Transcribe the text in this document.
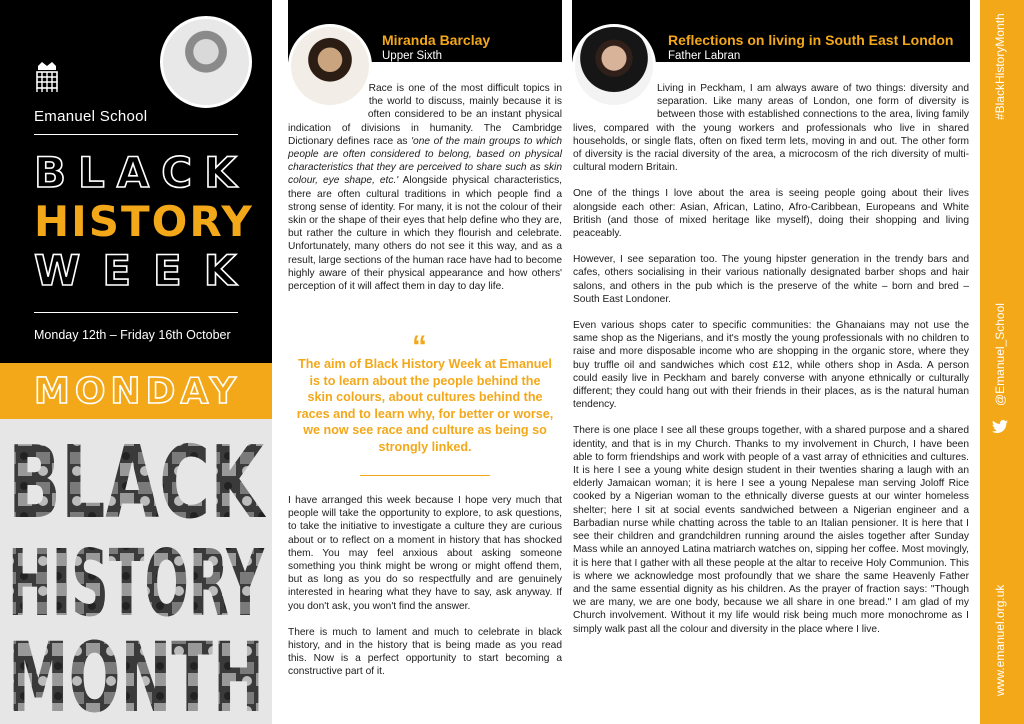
Emanuel School
BLACK
HISTORY
WEEK
Monday 12th – Friday 16th October
MONDAY
BLACK
HISTORY
MONTH
Miranda Barclay
Upper Sixth

Race is one of the most difficult topics in the world to discuss, mainly because it is often considered to be an instant physical indication of divisions in humanity. The Cambridge Dictionary defines race as 'one of the main groups to which people are often considered to belong, based on physical characteristics that they are perceived to share such as skin colour, eye shape, etc.' Alongside physical characteristics, there are often cultural traditions in which people find a strong sense of identity. For many, it is not the colour of their skin or the shape of their eyes that help define who they are, but rather the culture in which they flourish and celebrate. Unfortunately, many others do not see it this way, and as a result, large sections of the human race have had to become highly aware of their physical appearance and how others' perception of it will affect them in day to day life.

“
The aim of Black History Week at Emanuel is to learn about the people behind the skin colours, about cultures behind the races and to learn why, for better or worse, we now see race and culture as being so strongly linked.

I have arranged this week because I hope very much that people will take the opportunity to explore, to ask questions, to take the initiative to investigate a culture they are curious about or to reflect on a moment in history that has shocked them. You may feel anxious about asking someone something you think might be wrong or might offend them, but as long as you do so respectfully and are genuinely interested in hearing what they have to say, ask anyway. If you don't ask, you won't find the answer.

There is much to lament and much to celebrate in black history, and in the history that is being made as you read this. Now is a perfect opportunity to start becoming a constructive part of it.

Reflections on living in South East London
Father Labran

Living in Peckham, I am always aware of two things: diversity and separation. Like many areas of London, one form of diversity is between those with established connections to the area, living family lives, compared with the young workers and professionals who live in shared households, or single flats, often on fixed term lets, moving in and out. The other form of diversity is the racial diversity of the area, a microcosm of the rich diversity of multi-cultural modern Britain.

One of the things I love about the area is seeing people going about their lives alongside each other: Asian, African, Latino, Afro-Caribbean, Europeans and White British (and those of mixed heritage like myself), doing their shopping and living peaceably.

However, I see separation too. The young hipster generation in the trendy bars and cafes, others socialising in their various nationally designated barber shops and hair salons, and others in the pub which is the preserve of the white – born and bred – South East Londoner.

Even various shops cater to specific communities: the Ghanaians may not use the same shop as the Nigerians, and it's mostly the young professionals with no children to raise and more disposable income who are shopping in the organic store, where they buy truffle oil and sandwiches which cost £12, while others shop in Asda. A person could easily live in Peckham and barely converse with anyone ethnically or culturally different; they could hang out with their friends in their places, as is the natural human tendency.

There is one place I see all these groups together, with a shared purpose and a shared identity, and that is in my Church. Thanks to my involvement in Church, I have been able to form friendships and work with people of a vast array of ethnicities and cultures. It is here I see a young white design student in their twenties sharing a laugh with an elderly Jamaican woman; it is here I see a young Nepalese man serving Joloff Rice cooked by a Nigerian woman to the ethnically diverse guests at our winter homeless shelter; here I sit at social events sandwiched between a Nigerian engineer and a Barbadian nurse while chatting across the table to an Italian pensioner. It is here that I see their children and grandchildren running around the aisles together after Sunday Mass while an annoyed Latina matriarch watches on, sipping her coffee. Most movingly, it is here that I gather with all these people at the altar to receive Holy Communion. This is where we acknowledge most profoundly that we share the same Heavenly Father and the same essential dignity as his children. As the prayer of fraction says: "Though we are many, we are one body, because we all share in one bread." I am glad of my Church involvement. Without it my life would risk being much more monochrome as I simply walk past all the colour and diversity in the place where I live.

#BlackHistoryMonth
@Emanuel_School
www.emanuel.org.uk
